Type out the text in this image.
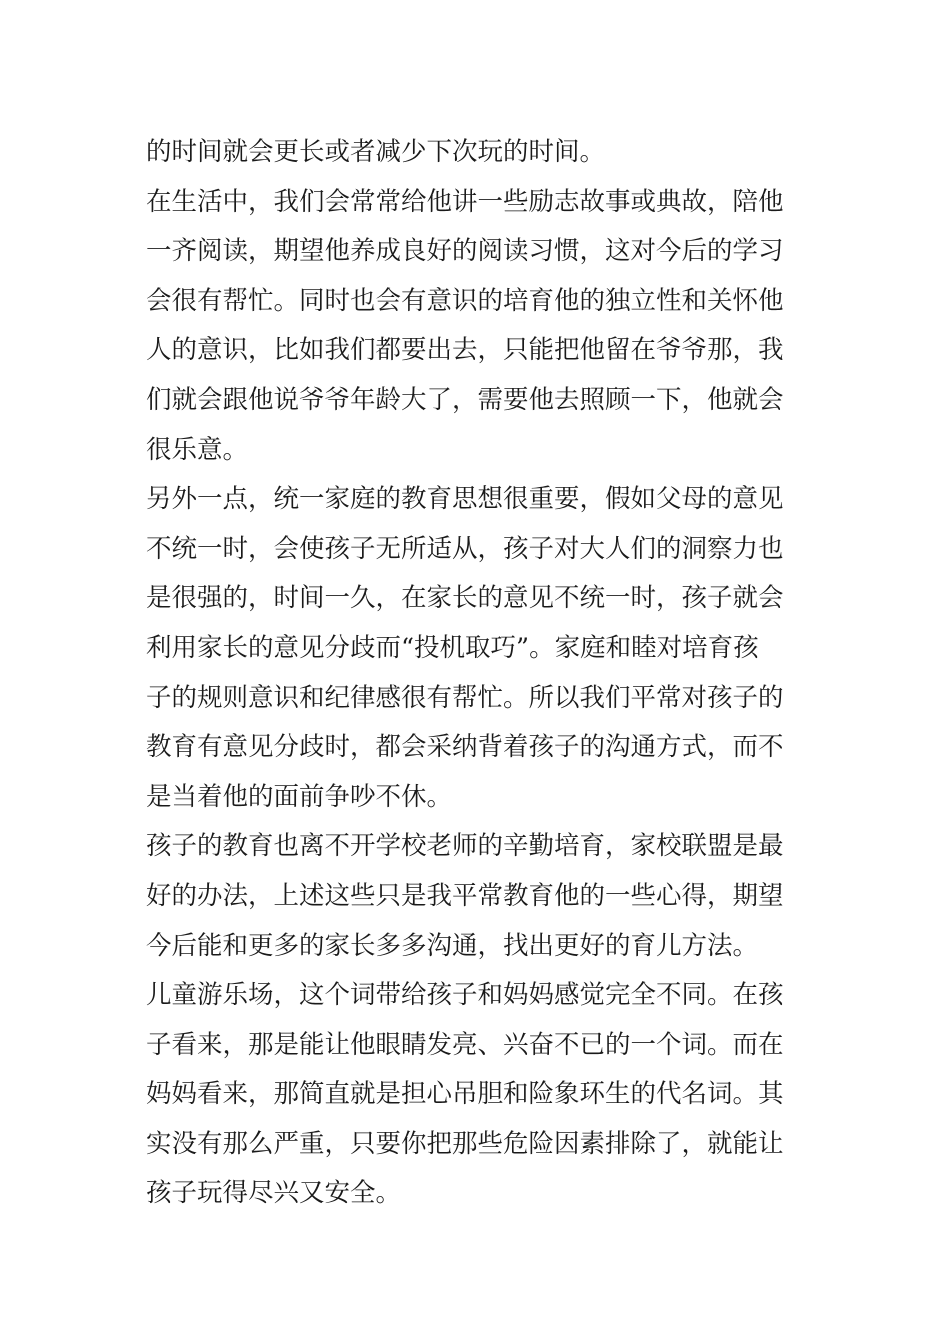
的时间就会更长或者减少下次玩的时间。
在生活中，我们会常常给他讲一些励志故事或典故，陪他
一齐阅读，期望他养成良好的阅读习惯，这对今后的学习
会很有帮忙。同时也会有意识的培育他的独立性和关怀他
人的意识，比如我们都要出去，只能把他留在爷爷那，我
们就会跟他说爷爷年龄大了，需要他去照顾一下，他就会
很乐意。
另外一点，统一家庭的教育思想很重要，假如父母的意见
不统一时，会使孩子无所适从，孩子对大人们的洞察力也
是很强的，时间一久，在家长的意见不统一时，孩子就会
利用家长的意见分歧而“投机取巧”。家庭和睦对培育孩
子的规则意识和纪律感很有帮忙。所以我们平常对孩子的
教育有意见分歧时，都会采纳背着孩子的沟通方式，而不
是当着他的面前争吵不休。
孩子的教育也离不开学校老师的辛勤培育，家校联盟是最
好的办法，上述这些只是我平常教育他的一些心得，期望
今后能和更多的家长多多沟通，找出更好的育儿方法。
儿童游乐场，这个词带给孩子和妈妈感觉完全不同。在孩
子看来，那是能让他眼睛发亮、兴奋不已的一个词。而在
妈妈看来，那简直就是担心吊胆和险象环生的代名词。其
实没有那么严重，只要你把那些危险因素排除了，就能让
孩子玩得尽兴又安全。
